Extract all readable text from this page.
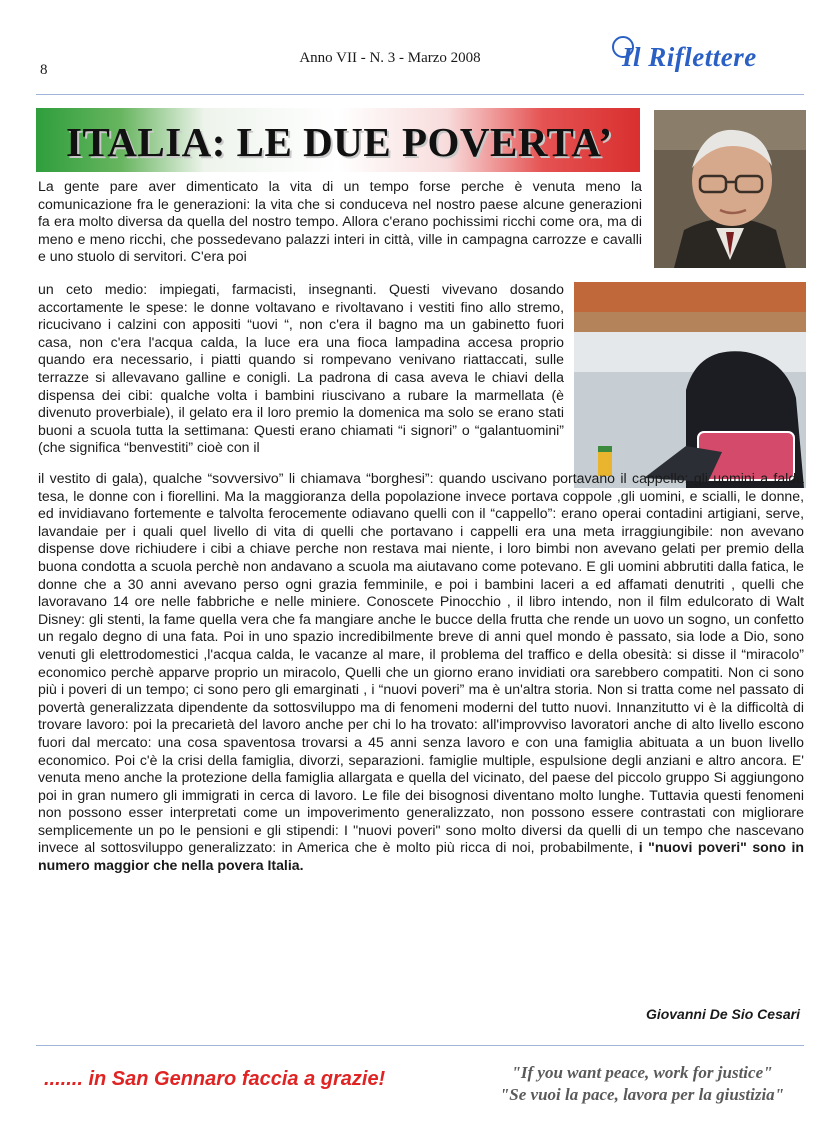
8
Anno VII - N. 3 - Marzo 2008	Il Riflettere
ITALIA: LE DUE POVERTA’

La gente pare aver dimenticato la vita di un tempo forse perche è venuta meno la comunicazione fra le generazioni: la vita che si conduceva nel nostro paese alcune generazioni fa era molto diversa da quella del nostro tempo. Allora c'erano pochissimi ricchi come ora, ma di meno e meno ricchi, che possedevano palazzi interi in città, ville in campagna carrozze e cavalli e uno stuolo di servitori. C'era poi

un ceto medio: impiegati, farmacisti, insegnanti. Questi vivevano dosando accortamente le spese: le donne voltavano e rivoltavano i vestiti fino allo stremo, ricucivano i calzini con appositi “uovi “, non c'era il bagno ma un gabinetto fuori casa, non c'era l'acqua calda, la luce era una fioca lampadina accesa proprio quando era necessario, i piatti quando si rompevano venivano riattaccati, sulle terrazze si allevavano galline e conigli. La padrona di casa aveva le chiavi della dispensa dei cibi: qualche volta i bambini riuscivano a rubare la marmellata (è divenuto proverbiale), il gelato era il loro premio la domenica ma solo se erano stati buoni a scuola tutta la settimana: Questi erano chiamati “i signori” o “galantuomini” (che significa “benvestiti” cioè con il

il vestito di gala), qualche “sovversivo” li chiamava “borghesi”: quando uscivano portavano il cappello: gli uomini a falda tesa, le donne con i fiorellini. Ma la maggioranza della popolazione invece portava coppole ,gli uomini, e scialli, le donne, ed invidiavano fortemente e talvolta ferocemente odiavano quelli con il “cappello”: erano operai contadini artigiani, serve, lavandaie per i quali quel livello di vita di quelli che portavano i cappelli era una meta irraggiungibile: non avevano dispense dove richiudere i cibi a chiave perche non restava mai niente, i loro bimbi non avevano gelati per premio della buona condotta a scuola perchè non andavano a scuola ma aiutavano come potevano. E gli uomini abbrutiti dalla fatica, le donne che a 30 anni avevano perso ogni grazia femminile, e poi i bambini laceri a ed affamati denutriti , quelli che lavoravano 14 ore nelle fabbriche e nelle miniere. Conoscete Pinocchio , il libro intendo, non il film edulcorato di Walt Disney: gli stenti, la fame quella vera che fa mangiare anche le bucce della frutta che rende un uovo un sogno, un confetto un regalo degno di una fata. Poi in uno spazio incredibilmente breve di anni quel mondo è passato, sia lode a Dio, sono venuti gli elettrodomestici ,l'acqua calda, le vacanze al mare, il problema del traffico e della obesità: si disse il “miracolo” economico perchè apparve proprio un miracolo, Quelli che un giorno erano invidiati ora sarebbero compatiti. Non ci sono più i poveri di un tempo; ci sono pero gli emarginati , i “nuovi poveri” ma è un'altra storia. Non si tratta come nel passato di povertà generalizzata dipendente da sottosviluppo ma di fenomeni moderni del tutto nuovi. Innanzitutto vi è la difficoltà di trovare lavoro: poi la precarietà del lavoro anche per chi lo ha trovato: all'improvviso lavoratori anche di alto livello escono fuori dal mercato: una cosa spaventosa trovarsi a 45 anni senza lavoro e con una famiglia abituata a un buon livello economico. Poi c'è la crisi della famiglia, divorzi, separazioni. famiglie multiple, espulsione degli anziani e altro ancora. E' venuta meno anche la protezione della famiglia allargata e quella del vicinato, del paese del piccolo gruppo Si aggiungono poi in gran numero gli immigrati in cerca di lavoro. Le file dei bisognosi diventano molto lunghe. Tuttavia questi fenomeni non possono esser interpretati come un impoverimento generalizzato, non possono essere contrastati con migliorare semplicemente un po le pensioni e gli stipendi: I "nuovi poveri" sono molto diversi da quelli di un tempo che nascevano invece al sottosviluppo generalizzato: in America che è molto più ricca di noi, probabilmente, i "nuovi poveri" sono in numero maggior che nella povera Italia.

Giovanni De Sio Cesari
....... in San Gennaro faccia a grazie!	"If you want peace, work for justice"
"Se vuoi la pace, lavora per la giustizia"
